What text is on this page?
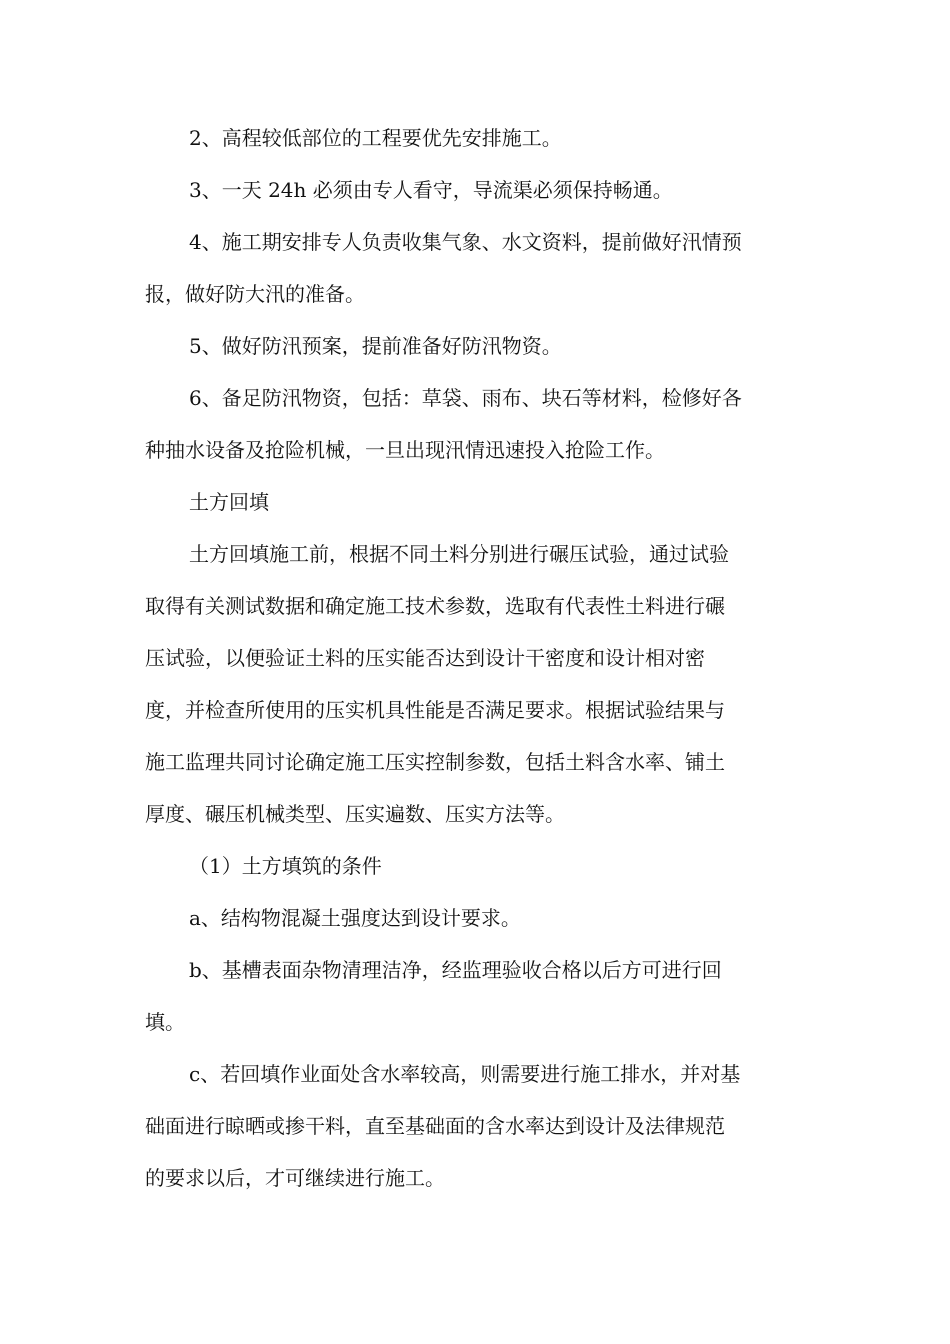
2、高程较低部位的工程要优先安排施工。
3、一天 24h 必须由专人看守，导流渠必须保持畅通。
4、施工期安排专人负责收集气象、水文资料，提前做好汛情预
报，做好防大汛的准备。
5、做好防汛预案，提前准备好防汛物资。
6、备足防汛物资，包括：草袋、雨布、块石等材料，检修好各
种抽水设备及抢险机械，一旦出现汛情迅速投入抢险工作。
土方回填
土方回填施工前，根据不同土料分别进行碾压试验，通过试验
取得有关测试数据和确定施工技术参数，选取有代表性土料进行碾
压试验，以便验证土料的压实能否达到设计干密度和设计相对密
度，并检查所使用的压实机具性能是否满足要求。根据试验结果与
施工监理共同讨论确定施工压实控制参数，包括土料含水率、铺土
厚度、碾压机械类型、压实遍数、压实方法等。
（1）土方填筑的条件
a、结构物混凝土强度达到设计要求。
b、基槽表面杂物清理洁净，经监理验收合格以后方可进行回
填。
c、若回填作业面处含水率较高，则需要进行施工排水，并对基
础面进行晾晒或掺干料，直至基础面的含水率达到设计及法律规范
的要求以后，才可继续进行施工。
